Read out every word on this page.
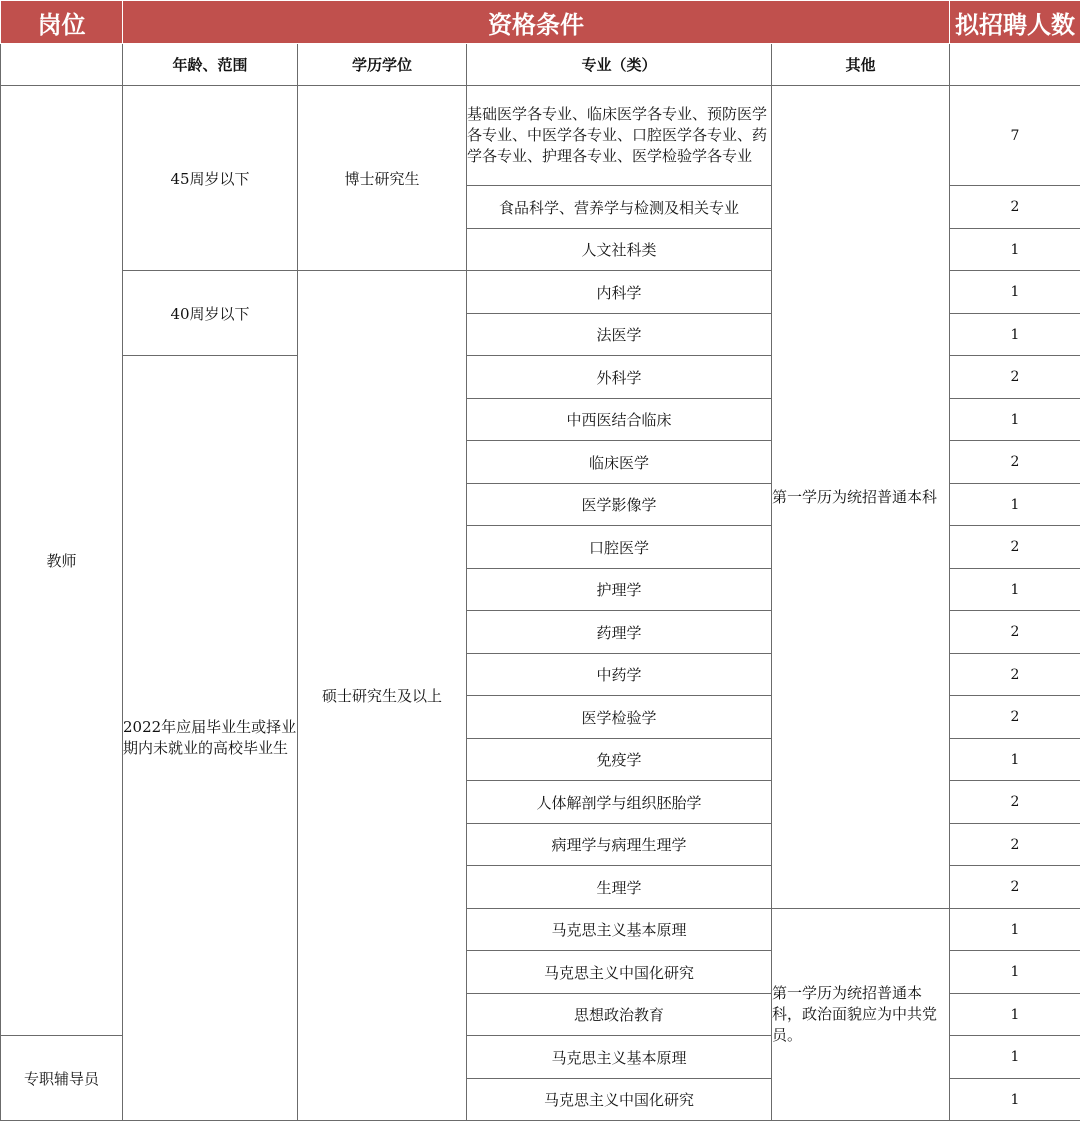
岗位	资格条件				拟招聘人数
	年龄、范围	学历学位	专业（类）	其他	
教师	45周岁以下	博士研究生	基础医学各专业、临床医学各专业、预防医学各专业、中医学各专业、口腔医学各专业、药学各专业、护理各专业、医学检验学各专业	第一学历为统招普通本科	7
			食品科学、营养学与检测及相关专业		2
			人文社科类		1
	40周岁以下	硕士研究生及以上	内科学		1
			法医学		1
	2022年应届毕业生或择业期内未就业的高校毕业生		外科学		2
			中西医结合临床		1
			临床医学		2
			医学影像学		1
			口腔医学		2
			护理学		1
			药理学		2
			中药学		2
			医学检验学		2
			免疫学		1
			人体解剖学与组织胚胎学		2
			病理学与病理生理学		2
			生理学		2
			马克思主义基本原理	第一学历为统招普通本科，政治面貌应为中共党员。	1
			马克思主义中国化研究		1
			思想政治教育		1
专职辅导员			马克思主义基本原理		1
			马克思主义中国化研究		1
